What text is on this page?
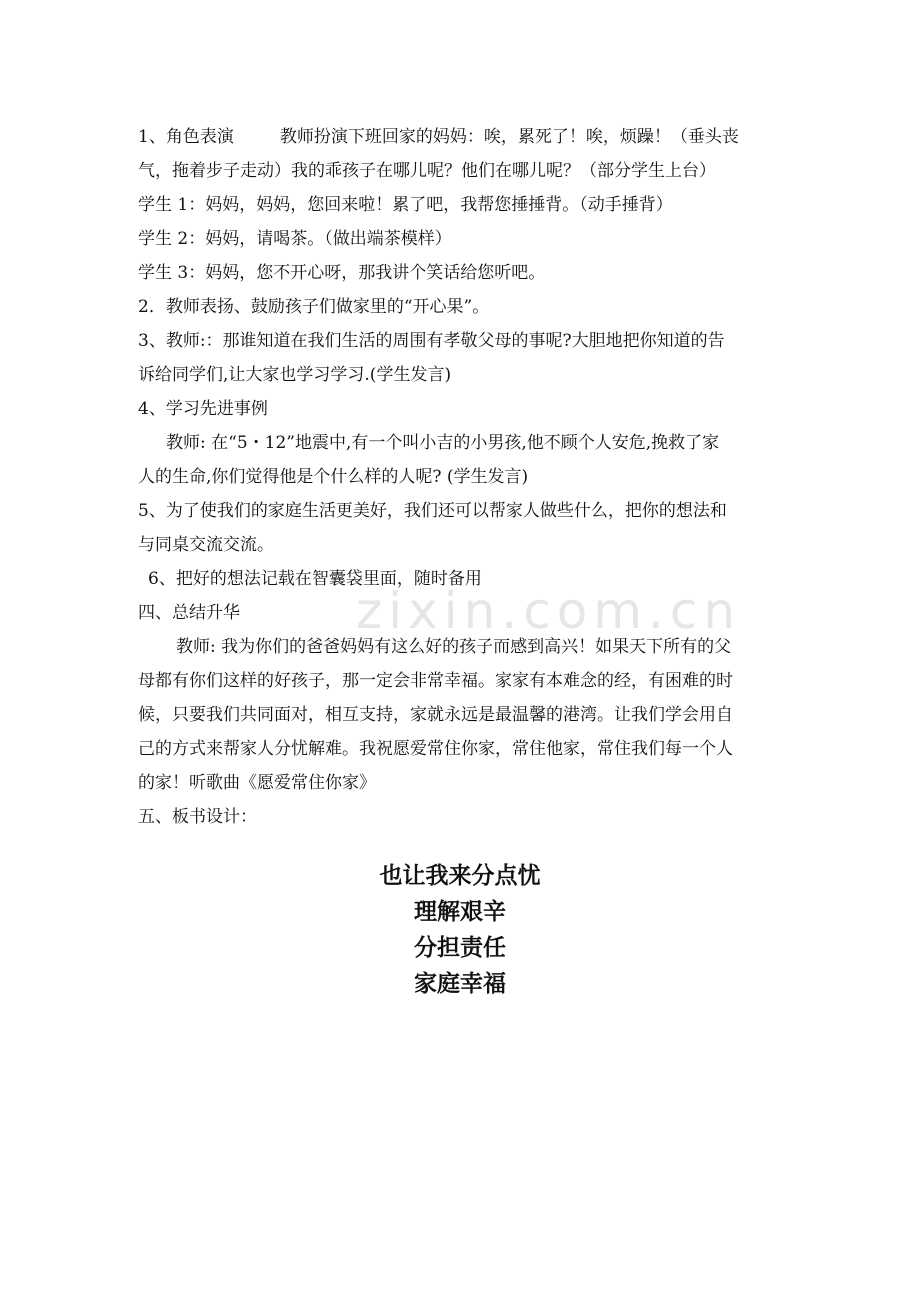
zixin.com.cn
1、角色表演	教师扮演下班回家的妈妈：唉，累死了！唉，烦躁！（垂头丧
气，拖着步子走动）我的乖孩子在哪儿呢？他们在哪儿呢？（部分学生上台）
学生 1：妈妈，妈妈，您回来啦！累了吧，我帮您捶捶背。（动手捶背）
学生 2：妈妈，请喝茶。（做出端茶模样）
学生 3：妈妈，您不开心呀，那我讲个笑话给您听吧。
2．教师表扬、鼓励孩子们做家里的“开心果”。
3、教师:：那谁知道在我们生活的周围有孝敬父母的事呢?大胆地把你知道的告
诉给同学们,让大家也学习学习.(学生发言)
4、学习先进事例
教师: 在“5・12”地震中,有一个叫小吉的小男孩,他不顾个人安危,挽救了家
人的生命,你们觉得他是个什么样的人呢? (学生发言)
5、为了使我们的家庭生活更美好，我们还可以帮家人做些什么，把你的想法和
与同桌交流交流。
6、把好的想法记载在智囊袋里面，随时备用
四、总结升华
教师: 我为你们的爸爸妈妈有这么好的孩子而感到高兴！如果天下所有的父
母都有你们这样的好孩子，那一定会非常幸福。家家有本难念的经，有困难的时
候，只要我们共同面对，相互支持，家就永远是最温馨的港湾。让我们学会用自
己的方式来帮家人分忧解难。我祝愿爱常住你家，常住他家，常住我们每一个人
的家！听歌曲《愿爱常住你家》
五、板书设计：
也让我来分点忧
理解艰辛
分担责任
家庭幸福
